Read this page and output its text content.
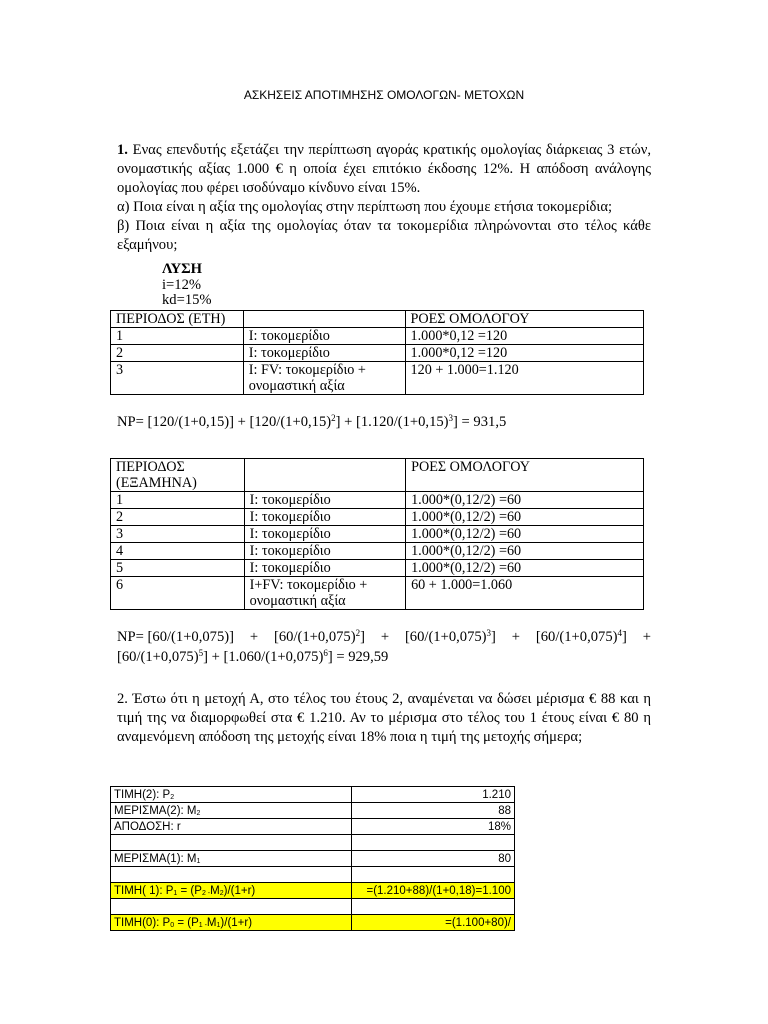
ΑΣΚΗΣΕΙΣ ΑΠΟΤΙΜΗΣΗΣ ΟΜΟΛΟΓΩΝ- ΜΕΤΟΧΩΝ

1. Ενας επενδυτής εξετάζει την περίπτωση αγοράς κρατικής ομολογίας διάρκειας 3 ετών, ονομαστικής αξίας 1.000 € η οποία έχει επιτόκιο έκδοσης 12%. Η απόδοση ανάλογης ομολογίας που φέρει ισοδύναμο κίνδυνο είναι 15%.

α) Ποια είναι η αξία της ομολογίας στην περίπτωση που έχουμε ετήσια τοκομερίδια;

β) Ποια είναι η αξία της ομολογίας όταν τα τοκομερίδια πληρώνονται στο τέλος κάθε εξαμήνου;

ΛΥΣΗ
i=12%
kd=15%
ΠΕΡΙΟΔΟΣ (ΕΤΗ)		ΡΟΕΣ ΟΜΟΛΟΓΟΥ
1	I: τοκομερίδιο	1.000*0,12 =120
2	I: τοκομερίδιο	1.000*0,12 =120
3	I: FV: τοκομερίδιο + ονομαστική αξία	120 + 1.000=1.120
$NP= [120/(1+0,15)] + [120/(1+0,15)^2] + [1.120/(1+0,15)^3] = 931,5$
ΠΕΡΙΟΔΟΣ (ΕΞΑΜΗΝΑ)		ΡΟΕΣ ΟΜΟΛΟΓΟΥ
1	I: τοκομερίδιο	1.000*(0,12/2) =60
2	I: τοκομερίδιο	1.000*(0,12/2) =60
3	I: τοκομερίδιο	1.000*(0,12/2) =60
4	I: τοκομερίδιο	1.000*(0,12/2) =60
5	I: τοκομερίδιο	1.000*(0,12/2) =60
6	I+FV: τοκομερίδιο + ονομαστική αξία	60 + 1.000=1.060
$NP= [60/(1+0,075)] + [60/(1+0,075)^2] + [60/(1+0,075)^3] + [60/(1+0,075)^4]$ +
$[60/(1+0,075)^5] + [1.060/(1+0,075)^6] = 929,59$

2. Έστω ότι η μετοχή Α, στο τέλος του έτους 2, αναμένεται να δώσει μέρισμα € 88 και η τιμή της να διαμορφωθεί στα € 1.210. Αν το μέρισμα στο τέλος του 1 έτους είναι € 80 η αναμενόμενη απόδοση της μετοχής είναι 18% ποια η τιμή της μετοχής σήμερα;

ΤΙΜΗ(2): $P_2$	1.210
ΜΕΡΙΣΜΑ(2): $M_2$	88
ΑΠΟΔΟΣΗ: r	18%

ΜΕΡΙΣΜΑ(1): $M_1$	80

ΤΙΜΗ( 1): $P_1 = (P_{2 -}M_2)/(1+r)$	=(1.210+88)/(1+0,18)=1.100

ΤΙΜΗ(0): $P_0 = (P_{1 -}M_1)/(1+r)$	=(1.100+80)/
